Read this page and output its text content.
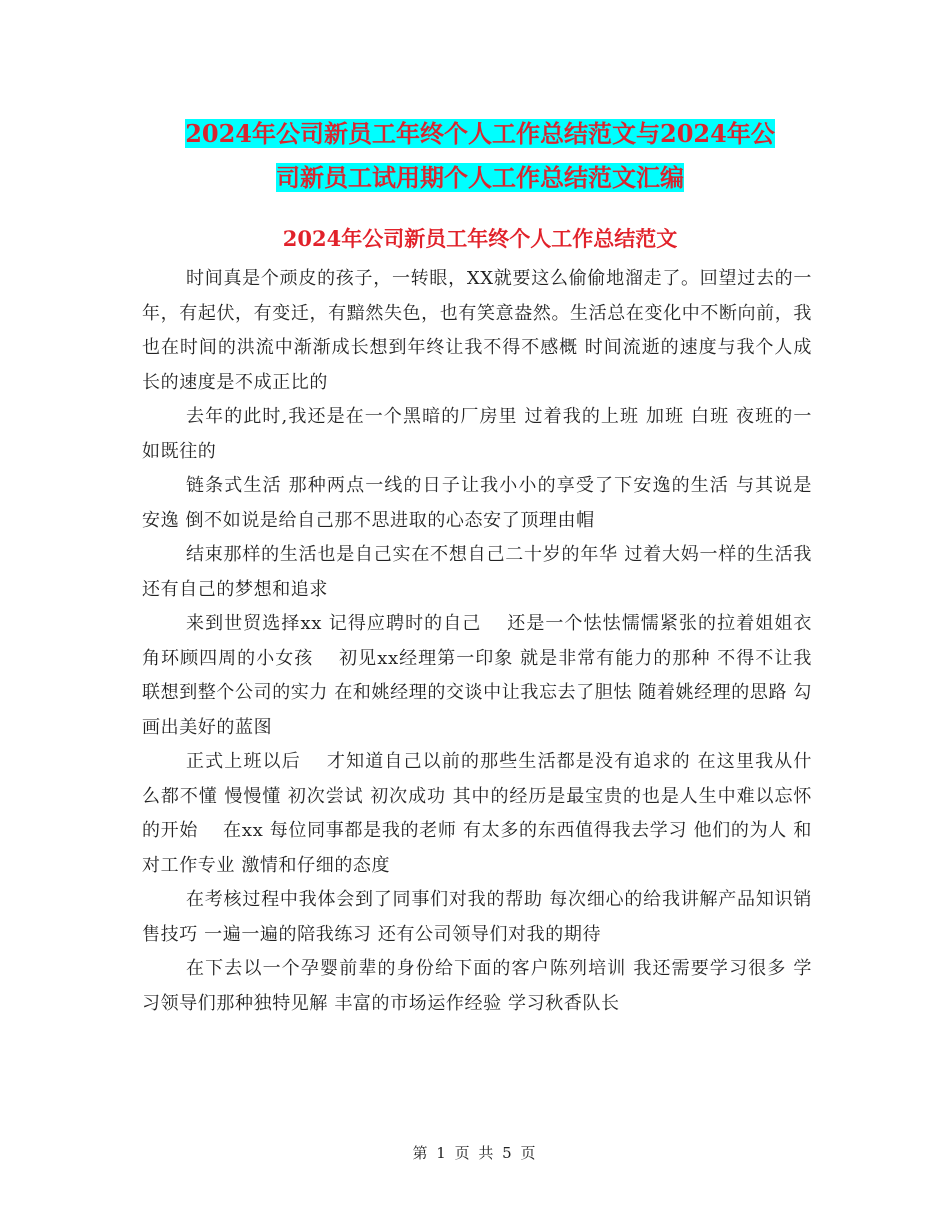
2024年公司新员工年终个人工作总结范文与2024年公
司新员工试用期个人工作总结范文汇编
2024年公司新员工年终个人工作总结范文

时间真是个顽皮的孩子，一转眼，XX就要这么偷偷地溜走了。回望过去的一年，有起伏，有变迁，有黯然失色，也有笑意盎然。生活总在变化中不断向前，我也在时间的洪流中渐渐成长想到年终让我不得不感概 时间流逝的速度与我个人成长的速度是不成正比的

去年的此时,我还是在一个黑暗的厂房里 过着我的上班 加班 白班 夜班的一如既往的

链条式生活 那种两点一线的日子让我小小的享受了下安逸的生活 与其说是安逸 倒不如说是给自己那不思进取的心态安了顶理由帽

结束那样的生活也是自己实在不想自己二十岁的年华 过着大妈一样的生活我还有自己的梦想和追求

来到世贸选择xx 记得应聘时的自己　 还是一个怯怯懦懦紧张的拉着姐姐衣角环顾四周的小女孩　 初见xx经理第一印象 就是非常有能力的那种 不得不让我联想到整个公司的实力 在和姚经理的交谈中让我忘去了胆怯 随着姚经理的思路 勾画出美好的蓝图

正式上班以后　 才知道自己以前的那些生活都是没有追求的 在这里我从什么都不懂 慢慢懂 初次尝试 初次成功 其中的经历是最宝贵的也是人生中难以忘怀的开始　 在xx 每位同事都是我的老师 有太多的东西值得我去学习 他们的为人 和对工作专业 激情和仔细的态度

在考核过程中我体会到了同事们对我的帮助 每次细心的给我讲解产品知识销售技巧 一遍一遍的陪我练习 还有公司领导们对我的期待

在下去以一个孕婴前辈的身份给下面的客户陈列培训 我还需要学习很多 学习领导们那种独特见解 丰富的市场运作经验 学习秋香队长

第 1 页 共 5 页
